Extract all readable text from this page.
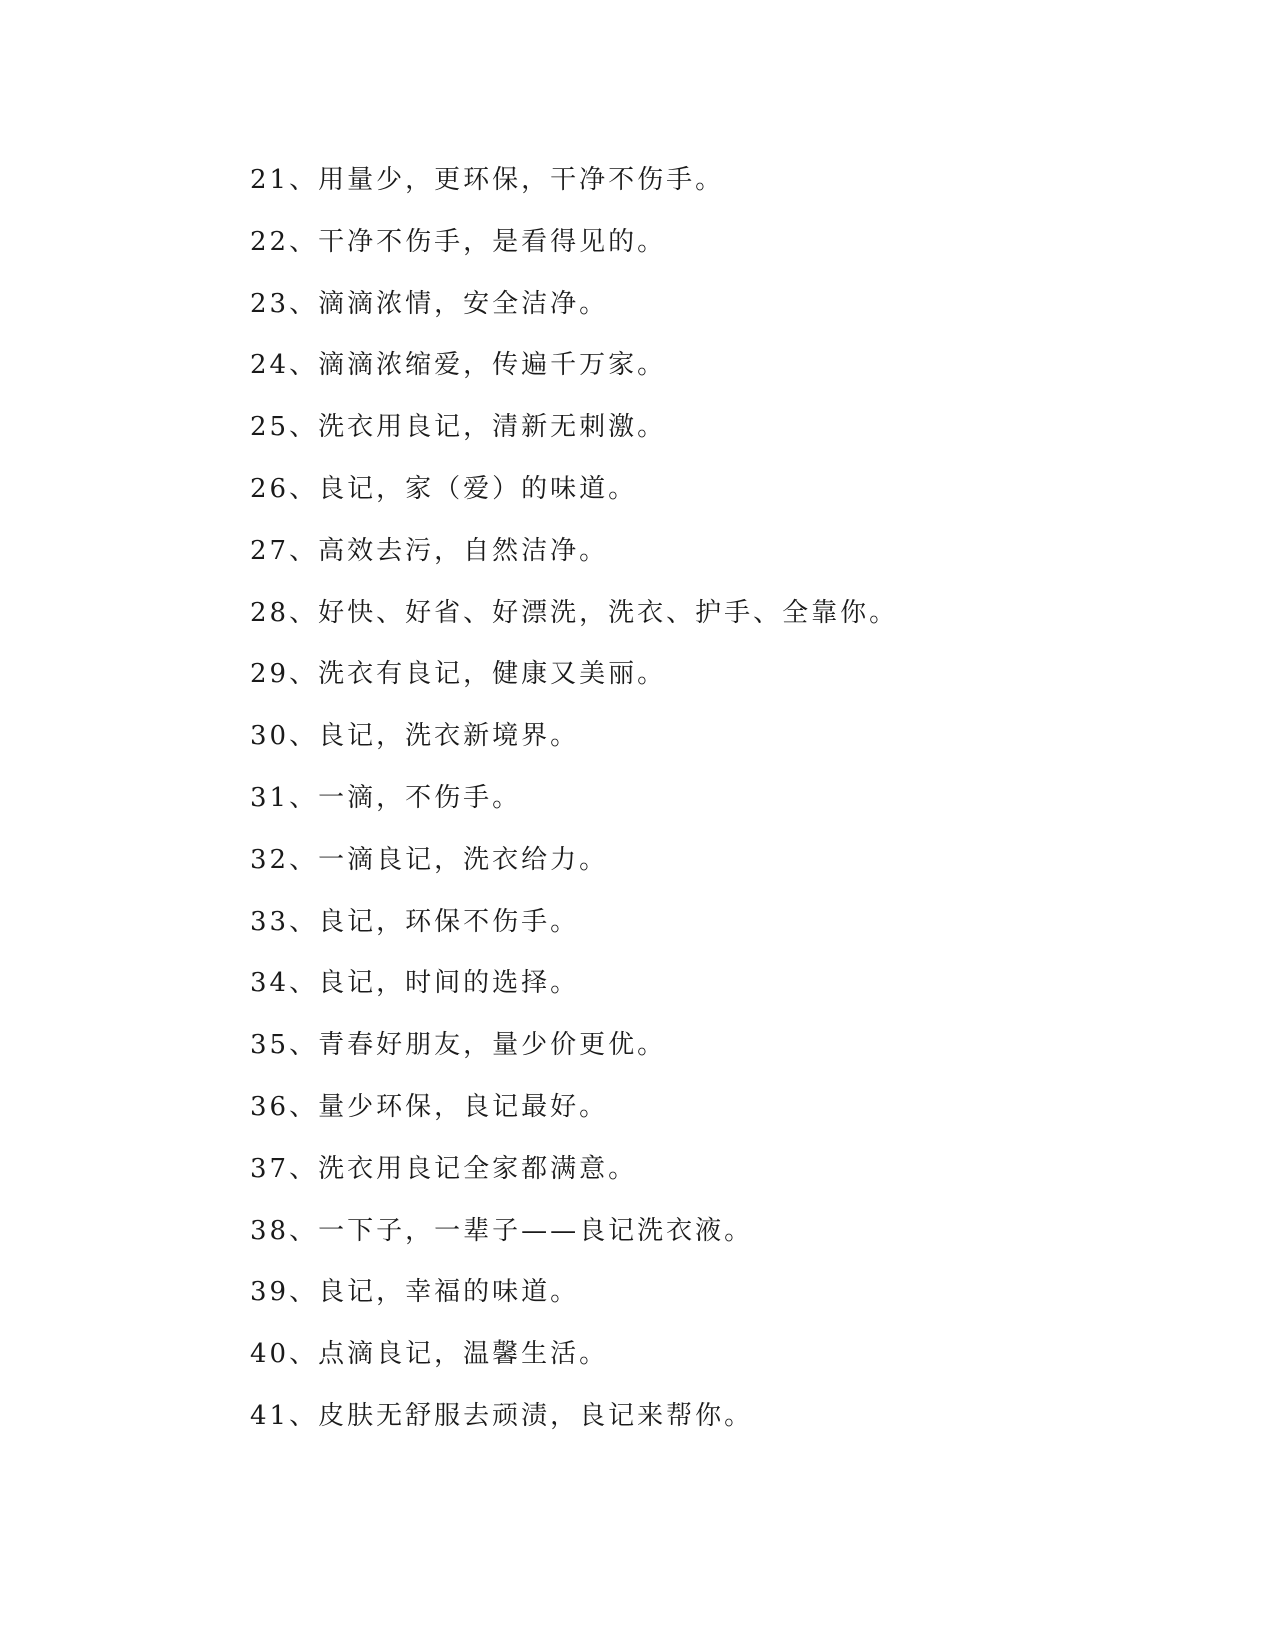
21、用量少，更环保，干净不伤手。
22、干净不伤手，是看得见的。
23、滴滴浓情，安全洁净。
24、滴滴浓缩爱，传遍千万家。
25、洗衣用良记，清新无刺激。
26、良记，家（爱）的味道。
27、高效去污，自然洁净。
28、好快、好省、好漂洗，洗衣、护手、全靠你。
29、洗衣有良记，健康又美丽。
30、良记，洗衣新境界。
31、一滴，不伤手。
32、一滴良记，洗衣给力。
33、良记，环保不伤手。
34、良记，时间的选择。
35、青春好朋友，量少价更优。
36、量少环保，良记最好。
37、洗衣用良记全家都满意。
38、一下子，一辈子——良记洗衣液。
39、良记，幸福的味道。
40、点滴良记，温馨生活。
41、皮肤无舒服去顽渍，良记来帮你。
